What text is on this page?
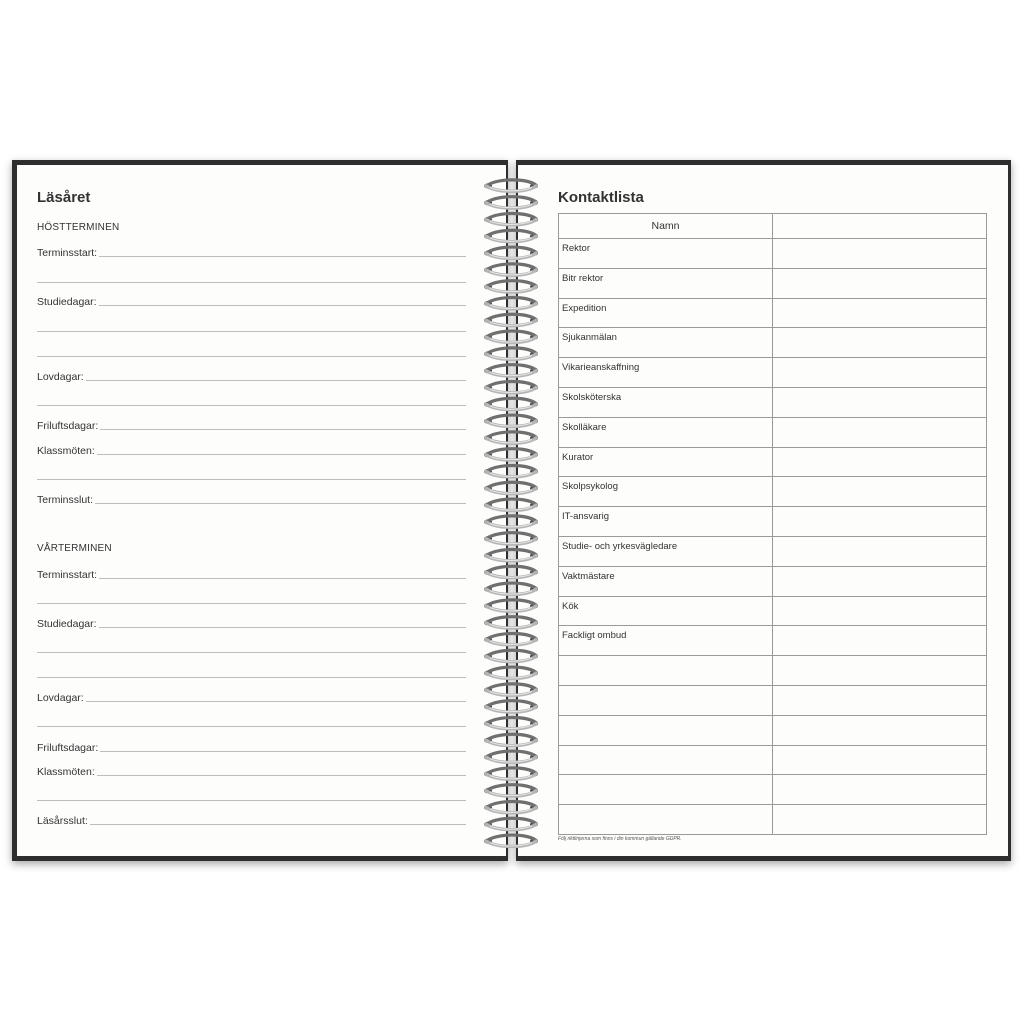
Läsåret
HÖSTTERMINEN
Terminsstart:
Studiedagar:
Lovdagar:
Friluftsdagar:
Klassmöten:
Terminsslut:
VÅRTERMINEN
Terminsstart:
Studiedagar:
Lovdagar:
Friluftsdagar:
Klassmöten:
Läsårsslut:
Kontaktlista
Namn	

Rektor	

Bitr rektor	

Expedition	

Sjukanmälan	

Vikarieanskaffning	

Skolsköterska	

Skolläkare	

Kurator	

Skolpsykolog	

IT-ansvarig	

Studie- och yrkesvägledare	

Vaktmästare	

Kök	

Fackligt ombud	

Följ riktlinjerna som finns i din kommun gällande GDPR.
